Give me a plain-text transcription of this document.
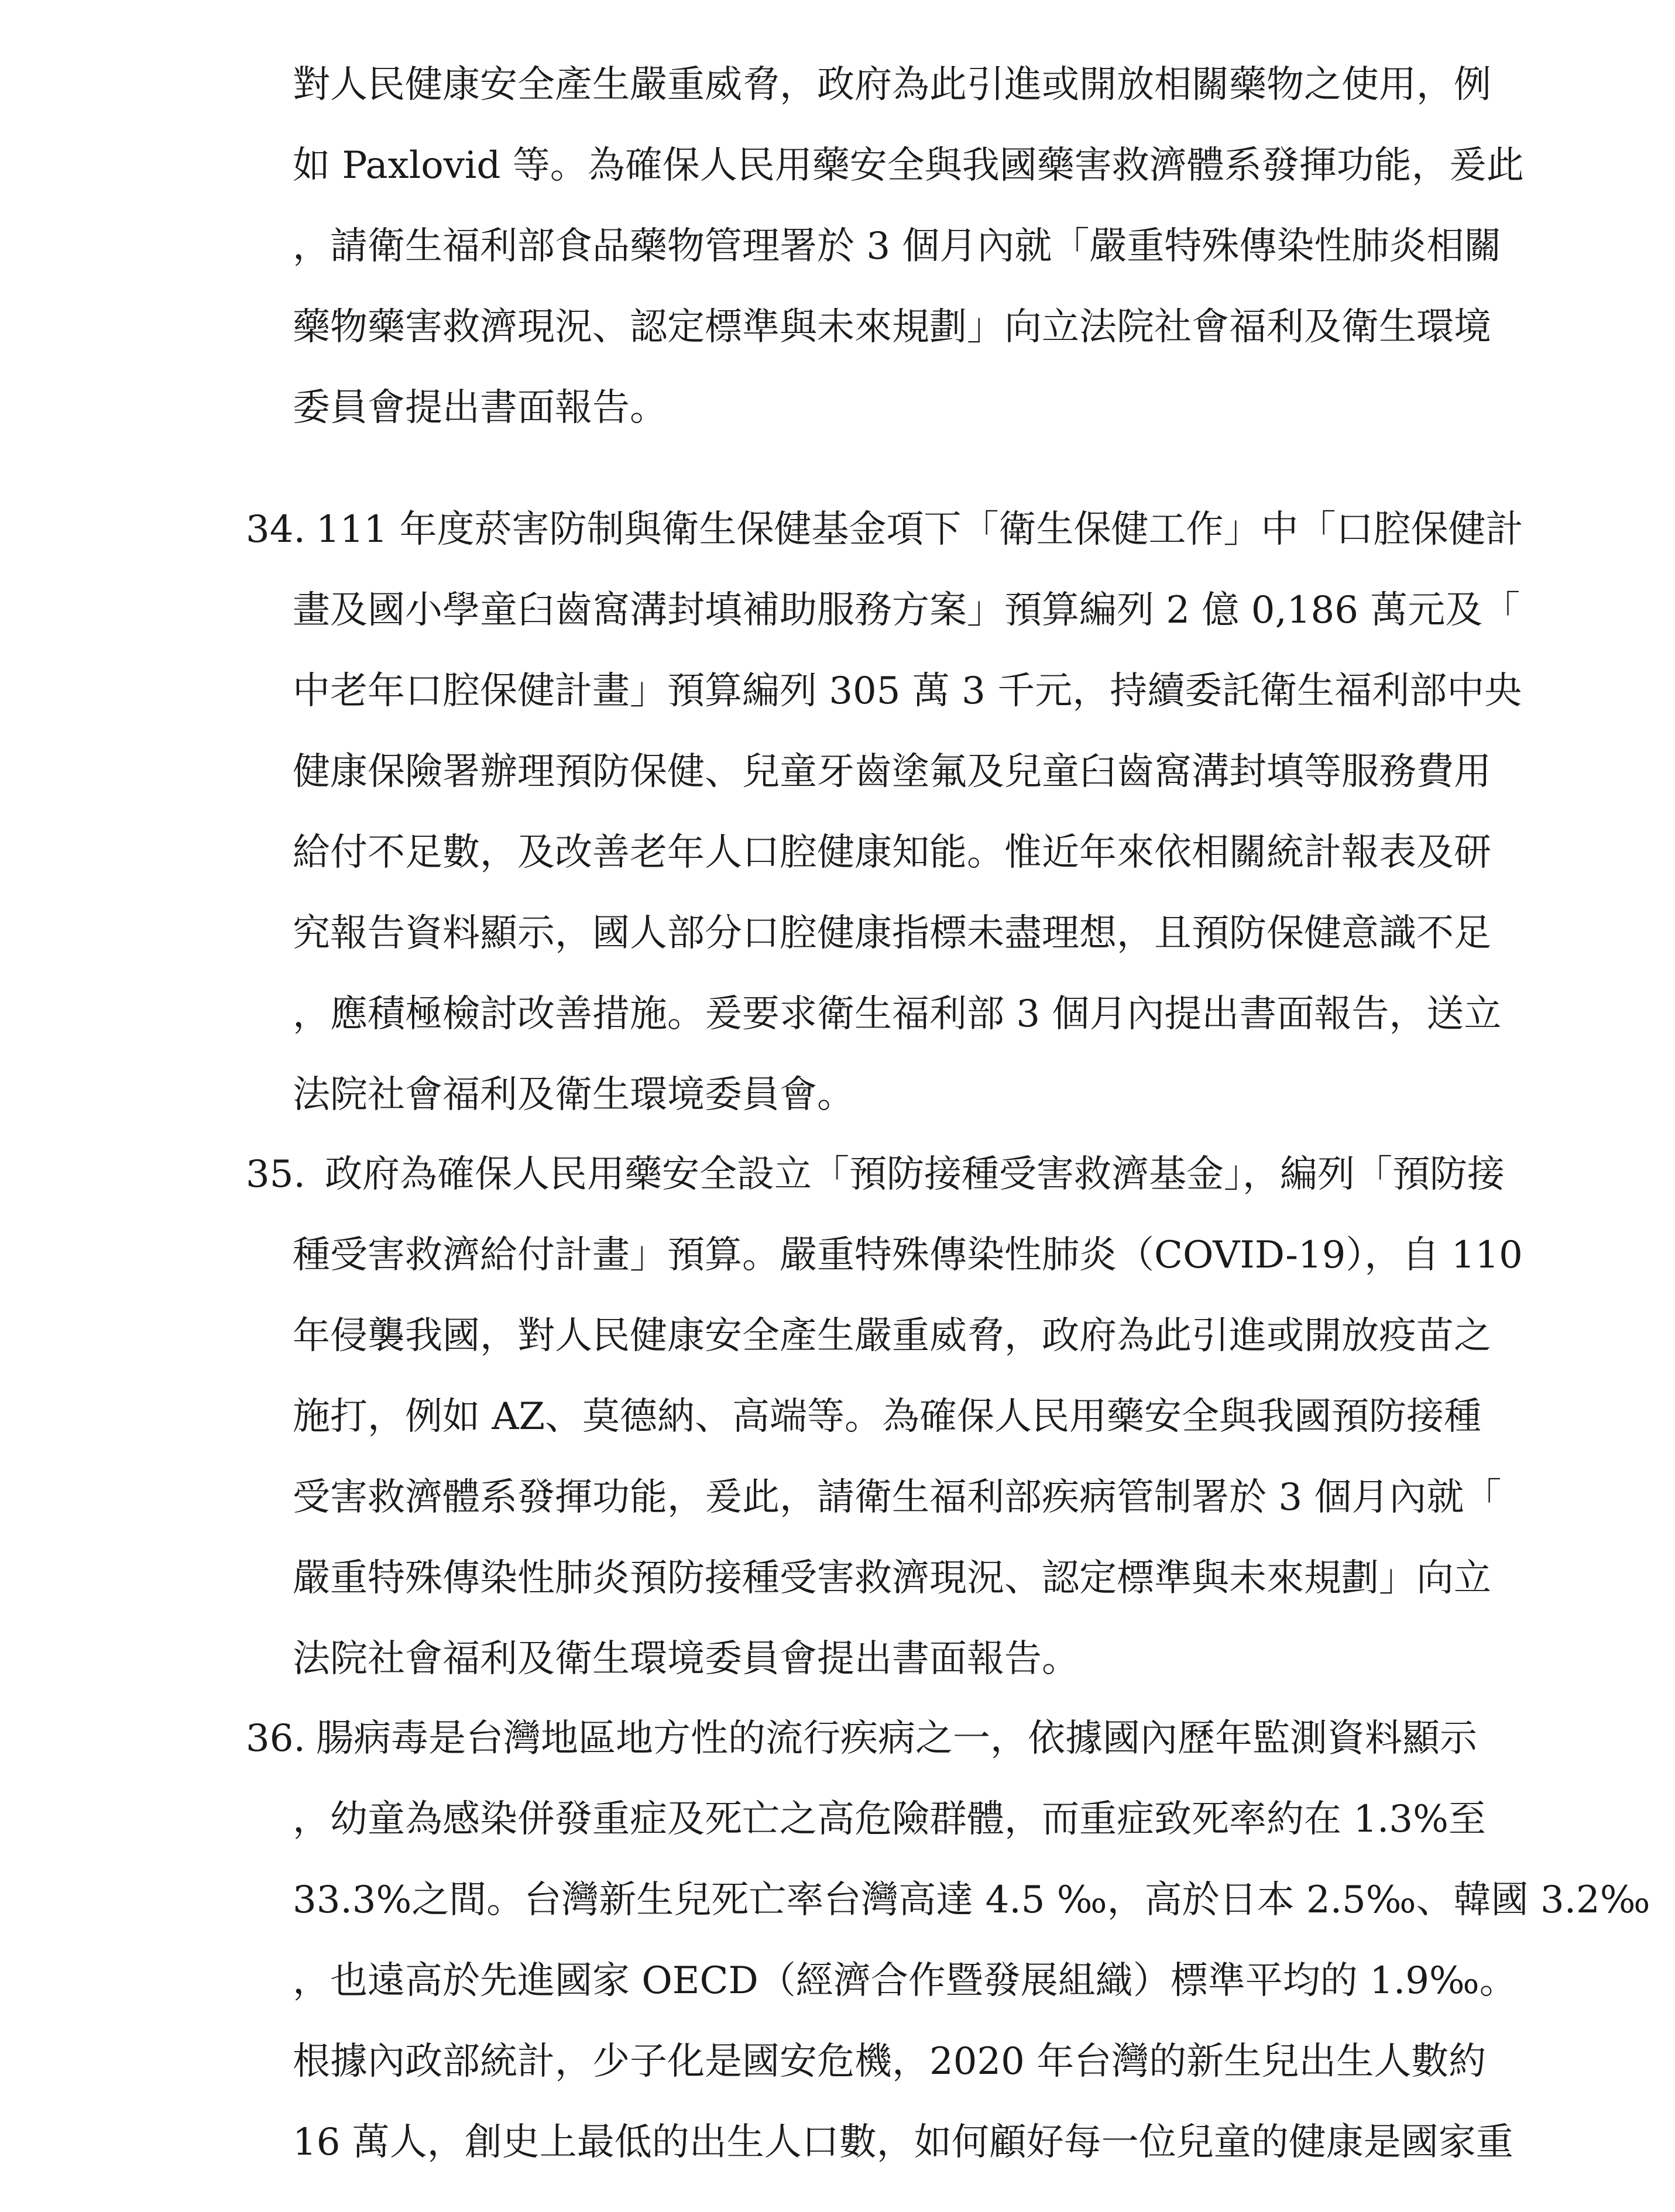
對人民健康安全產生嚴重威脅，政府為此引進或開放相關藥物之使用，例
如 Paxlovid 等。為確保人民用藥安全與我國藥害救濟體系發揮功能，爰此
，請衛生福利部食品藥物管理署於 3 個月內就「嚴重特殊傳染性肺炎相關
藥物藥害救濟現況、認定標準與未來規劃」向立法院社會福利及衛生環境
委員會提出書面報告。
34. 111 年度菸害防制與衛生保健基金項下「衛生保健工作」中「口腔保健計
畫及國小學童臼齒窩溝封填補助服務方案」預算編列 2 億 0,186 萬元及「
中老年口腔保健計畫」預算編列 305 萬 3 千元，持續委託衛生福利部中央
健康保險署辦理預防保健、兒童牙齒塗氟及兒童臼齒窩溝封填等服務費用
給付不足數，及改善老年人口腔健康知能。惟近年來依相關統計報表及研
究報告資料顯示，國人部分口腔健康指標未盡理想，且預防保健意識不足
，應積極檢討改善措施。爰要求衛生福利部 3 個月內提出書面報告，送立
法院社會福利及衛生環境委員會。
35. 政府為確保人民用藥安全設立「預防接種受害救濟基金」，編列「預防接
種受害救濟給付計畫」預算。嚴重特殊傳染性肺炎（COVID-19），自 110
年侵襲我國，對人民健康安全產生嚴重威脅，政府為此引進或開放疫苗之
施打，例如 AZ、莫德納、高端等。為確保人民用藥安全與我國預防接種
受害救濟體系發揮功能，爰此，請衛生福利部疾病管制署於 3 個月內就「
嚴重特殊傳染性肺炎預防接種受害救濟現況、認定標準與未來規劃」向立
法院社會福利及衛生環境委員會提出書面報告。
36. 腸病毒是台灣地區地方性的流行疾病之一，依據國內歷年監測資料顯示
，幼童為感染併發重症及死亡之高危險群體，而重症致死率約在 1.3%至
33.3%之間。台灣新生兒死亡率台灣高達 4.5 ‰，高於日本 2.5‰、韓國 3.2‰
，也遠高於先進國家 OECD（經濟合作暨發展組織）標準平均的 1.9‰。
根據內政部統計，少子化是國安危機，2020 年台灣的新生兒出生人數約
16 萬人，創史上最低的出生人口數，如何顧好每一位兒童的健康是國家重
